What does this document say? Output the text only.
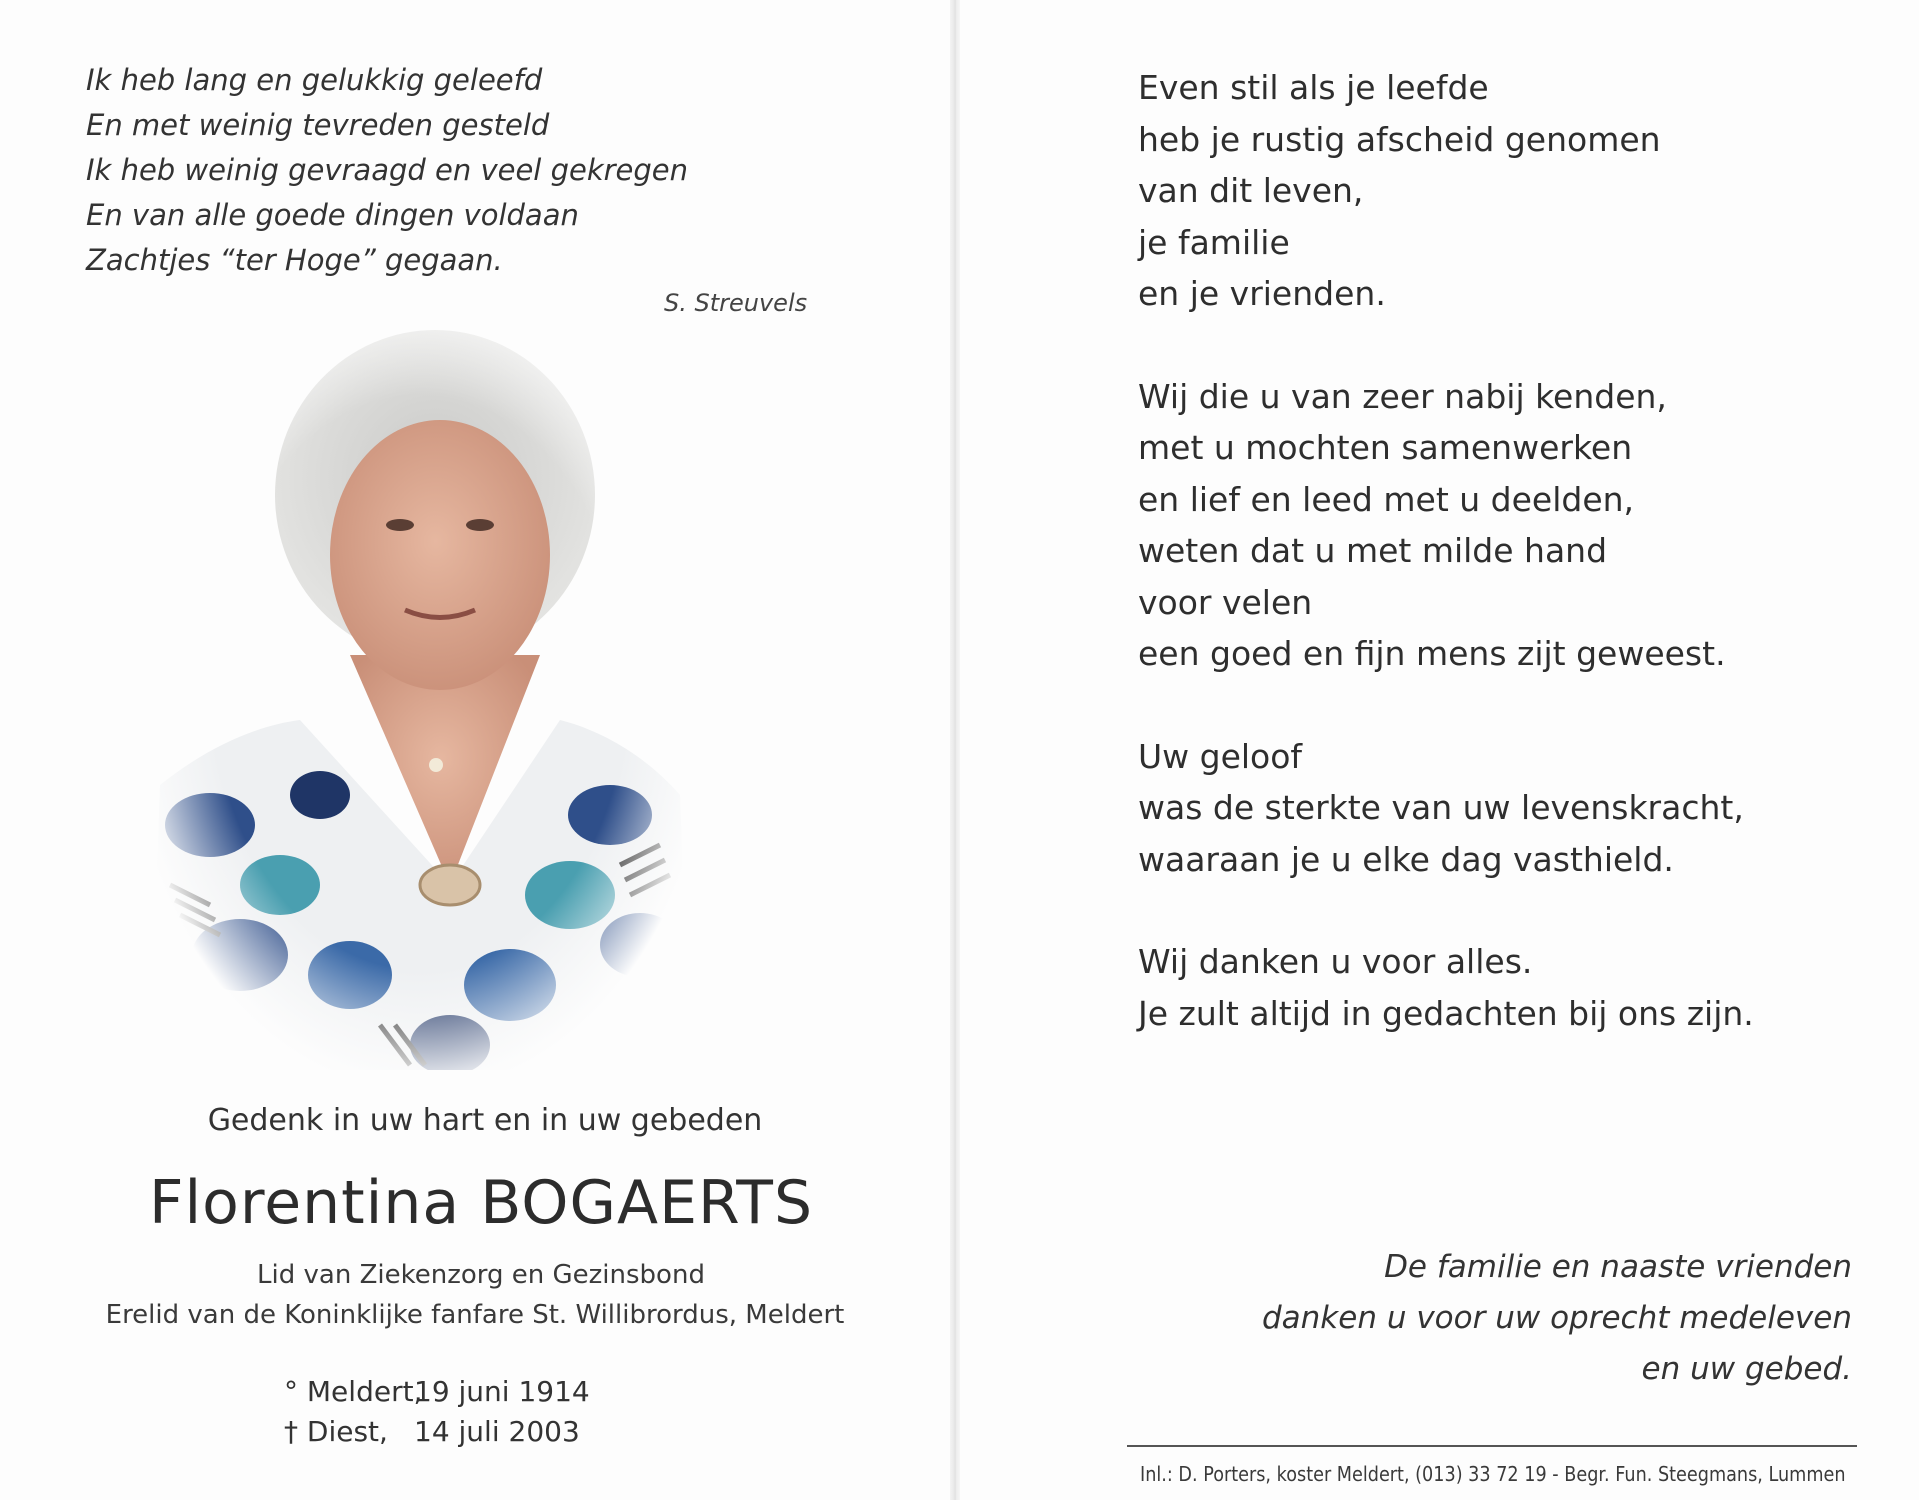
Ik heb lang en gelukkig geleefd
En met weinig tevreden gesteld
Ik heb weinig gevraagd en veel gekregen
En van alle goede dingen voldaan
Zachtjes “ter Hoge” gegaan.
S. Streuvels
Gedenk in uw hart en in uw gebeden
Florentina BOGAERTS
Lid van Ziekenzorg en Gezinsbond
Erelid van de Koninklijke fanfare St. Willibrordus, Meldert
° Meldert,19 juni 1914
† Diest, 14 juli 2003
Even stil als je leefde
heb je rustig afscheid genomen
van dit leven,
je familie
en je vrienden.
Wij die u van zeer nabij kenden,
met u mochten samenwerken
en lief en leed met u deelden,
weten dat u met milde hand
voor velen
een goed en fijn mens zijt geweest.
Uw geloof
was de sterkte van uw levenskracht,
waaraan je u elke dag vasthield.
Wij danken u voor alles.
Je zult altijd in gedachten bij ons zijn.
De familie en naaste vrienden
danken u voor uw oprecht medeleven
en uw gebed.
Inl.: D. Porters, koster Meldert, (013) 33 72 19 - Begr. Fun. Steegmans, Lummen
